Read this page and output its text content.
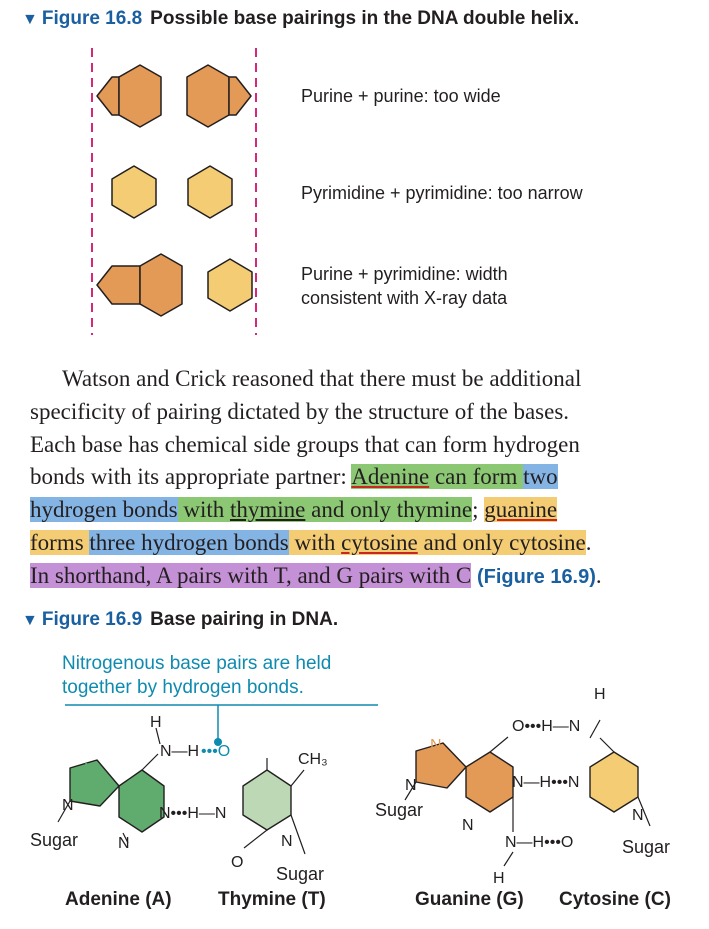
▼ Figure 16.8 Possible base pairings in the DNA double helix.
Purine + purine: too wide
Pyrimidine + pyrimidine: too narrow
Purine + pyrimidine: width
consistent with X-ray data
Watson and Crick reasoned that there must be additional
specificity of pairing dictated by the structure of the bases.
Each base has chemical side groups that can form hydrogen
bonds with its appropriate partner: Adenine can form two
hydrogen bonds with thymine and only thymine; guanine
forms three hydrogen bonds with cytosine and only cytosine.
In shorthand, A pairs with T, and G pairs with C (Figure 16.9).
▼ Figure 16.9 Base pairing in DNA.
Nitrogenous base pairs are held
together by hydrogen bonds.
H
N—H •••O
N
N	N•••H—N
N
Sugar
CH₃
N
O
Sugar
O•••H—N
N
N	N—H•••N
N
N—H•••O
H
Sugar
H
N
Sugar
Adenine (A) Thymine (T)	Guanine (G) Cytosine (C)
